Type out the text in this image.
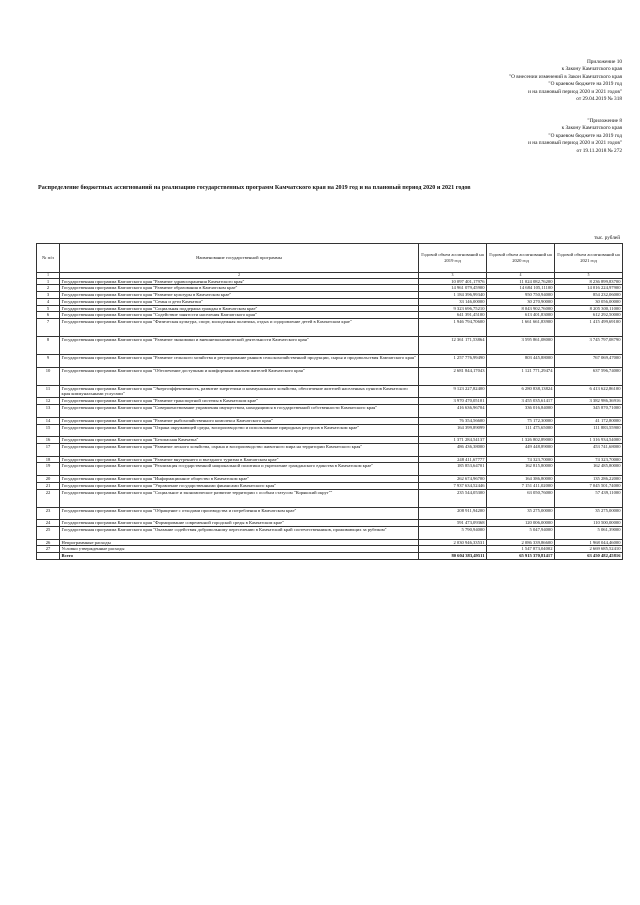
Приложение 10
к Закону Камчатского края
"О внесении изменений в Закон Камчатского края
"О краевом бюджете на 2019 год
и на плановый период 2020 и 2021 годов"
от 29.04.2019 № 318
"Приложение 8
к Закону Камчатского края
"О краевом бюджете на 2019 год
и на плановый период 2020 и 2021 годов"
от 19.11.2018 № 272
Распределение бюджетных ассигнований на реализацию государственных программ Камчатского края на 2019 год и на плановый период 2020 и 2021 годов
тыс. рублей
№ п/п	Наименование государственной программы	Годовой объем ассигнований на 2019 год	Годовой объем ассигнований на 2020 год	Годовой объем ассигнований на 2021 год
1	2	3	4	5
1	Государственная программа Камчатского края "Развитие здравоохранения Камчатского края"	10 097 401,17976	11 024 082,76200	8 236 899,83700
2	Государственная программа Камчатского края "Развитие образования в Камчатском крае"	14 961 079,45900	14 684 105,11100	14 016 224,97900
3	Государственная программа Камчатского края "Развитие культуры в Камчатском крае"	1 184 396,99340	950 750,94000	854 232,06000
4	Государственная программа Камчатского края "Семья и дети Камчатки"	33 146,00000	30 270,90000	30 056,00000
5	Государственная программа Камчатского края "Социальная поддержка граждан в Камчатском крае"	9 323 696,75210	8 043 902,76000	8 205 300,11000
6	Государственная программа Камчатского края "Содействие занятости населения Камчатского края"	641 391,45100	613 401,83000	612 292,50000
7	Государственная программа Камчатского края "Физическая культура, спорт, молодежная политика, отдых и оздоровление детей в Камчатском крае"	1 946 794,70600	1 661 661,83900	1 415 499,69100
8	Государственная программа Камчатского края "Развитие экономики и внешнеэкономической деятельности Камчатского края"	12 361 171,53864	3 595 861,08000	3 745 797,08790
9	Государственная программа Камчатского края "Развитие сельского хозяйства и регулирование рынков сельскохозяйственной продукции, сырья и продовольствия Камчатского края"	1 257 776,99490	803 445,88000	767 069,47000
10	Государственная программа Камчатского края "Обеспечение доступным и комфортным жильем жителей Камчатского края"	2 681 844,17043	1 121 771,29474	637 596,74000
11	Государственная программа Камчатского края "Энергоэффективность, развитие энергетики и коммунального хозяйства, обеспечение жителей населенных пунктов Камчатского края коммунальными услугами"	9 123 227,82400	6 280 838,13824	6 413 622,86100
12	Государственная программа Камчатского края "Развитие транспортной системы в Камчатском крае"	3 970 470,05101	3 455 035,61417	3 382 986,36916
13	Государственная программа Камчатского края "Совершенствование управления имуществом, находящимся в государственной собственности Камчатского края"	416 636,96704	336 016,84000	345 870,71000
14	Государственная программа Камчатского края "Развитие рыбохозяйственного комплекса Камчатского края"	76 354,56600	75 172,30000	41 172,80000
15	Государственная программа Камчатского края "Охрана окружающей среды, воспроизводство и использование природных ресурсов в Камчатском крае"	164 399,89099	111 475,65000	111 883,55900
16	Государственная программа Камчатского края "Безопасная Камчатка"	1 371 284,54137	1 326 802,89000	1 316 934,54000
17	Государственная программа Камчатского края "Развитие лесного хозяйства, охрана и воспроизводство животного мира на территории Камчатского края"	486 436,38000	449 448,89000	453 741,68000
18	Государственная программа Камчатского края "Развитие внутреннего и въездного туризма в Камчатском крае"	248 411,67777	74 323,70000	74 323,70000
19	Государственная программа Камчатского края "Реализация государственной национальной политики и укрепление гражданского единства в Камчатском крае"	185 853,64701	162 815,80000	162 485,80000
20	Государственная программа Камчатского края "Информационное общество в Камчатском крае"	262 674,96700	164 386,80000	135 286,22000
21	Государственная программа Камчатского края "Управление государственными финансами Камчатского края"	7 937 634,52446	7 151 411,02000	7 045 501,74000
22	Государственная программа Камчатского края "Социальное и экономическое развитие территории с особым статусом "Корякский округ""	235 544,05300	63 050,76000	57 439,11000
23	Государственная программа Камчатского края "Обращение с отходами производства и потребления в Камчатском крае"	208 911,94200	35 275,00000	35 275,00000
24	Государственная программа Камчатского края "Формирование современной городской среды в Камчатском крае"	591 473,09368	120 006,00000	110 500,00000
25	Государственная программа Камчатского края "Оказание содействия добровольному переселению в Камчатский край соотечественников, проживающих за рубежом"	5 790,94000	5 047,94000	5 061,39000
26	Непрограммные расходы	2 030 946,33531	2 086 339,86600	1 968 044,46000
27	Условно утвержденные расходы		1 547 873,04002	2 669 685,52410
	Всего	80 604 383,49511	65 915 370,81417	63 450 482,45816
